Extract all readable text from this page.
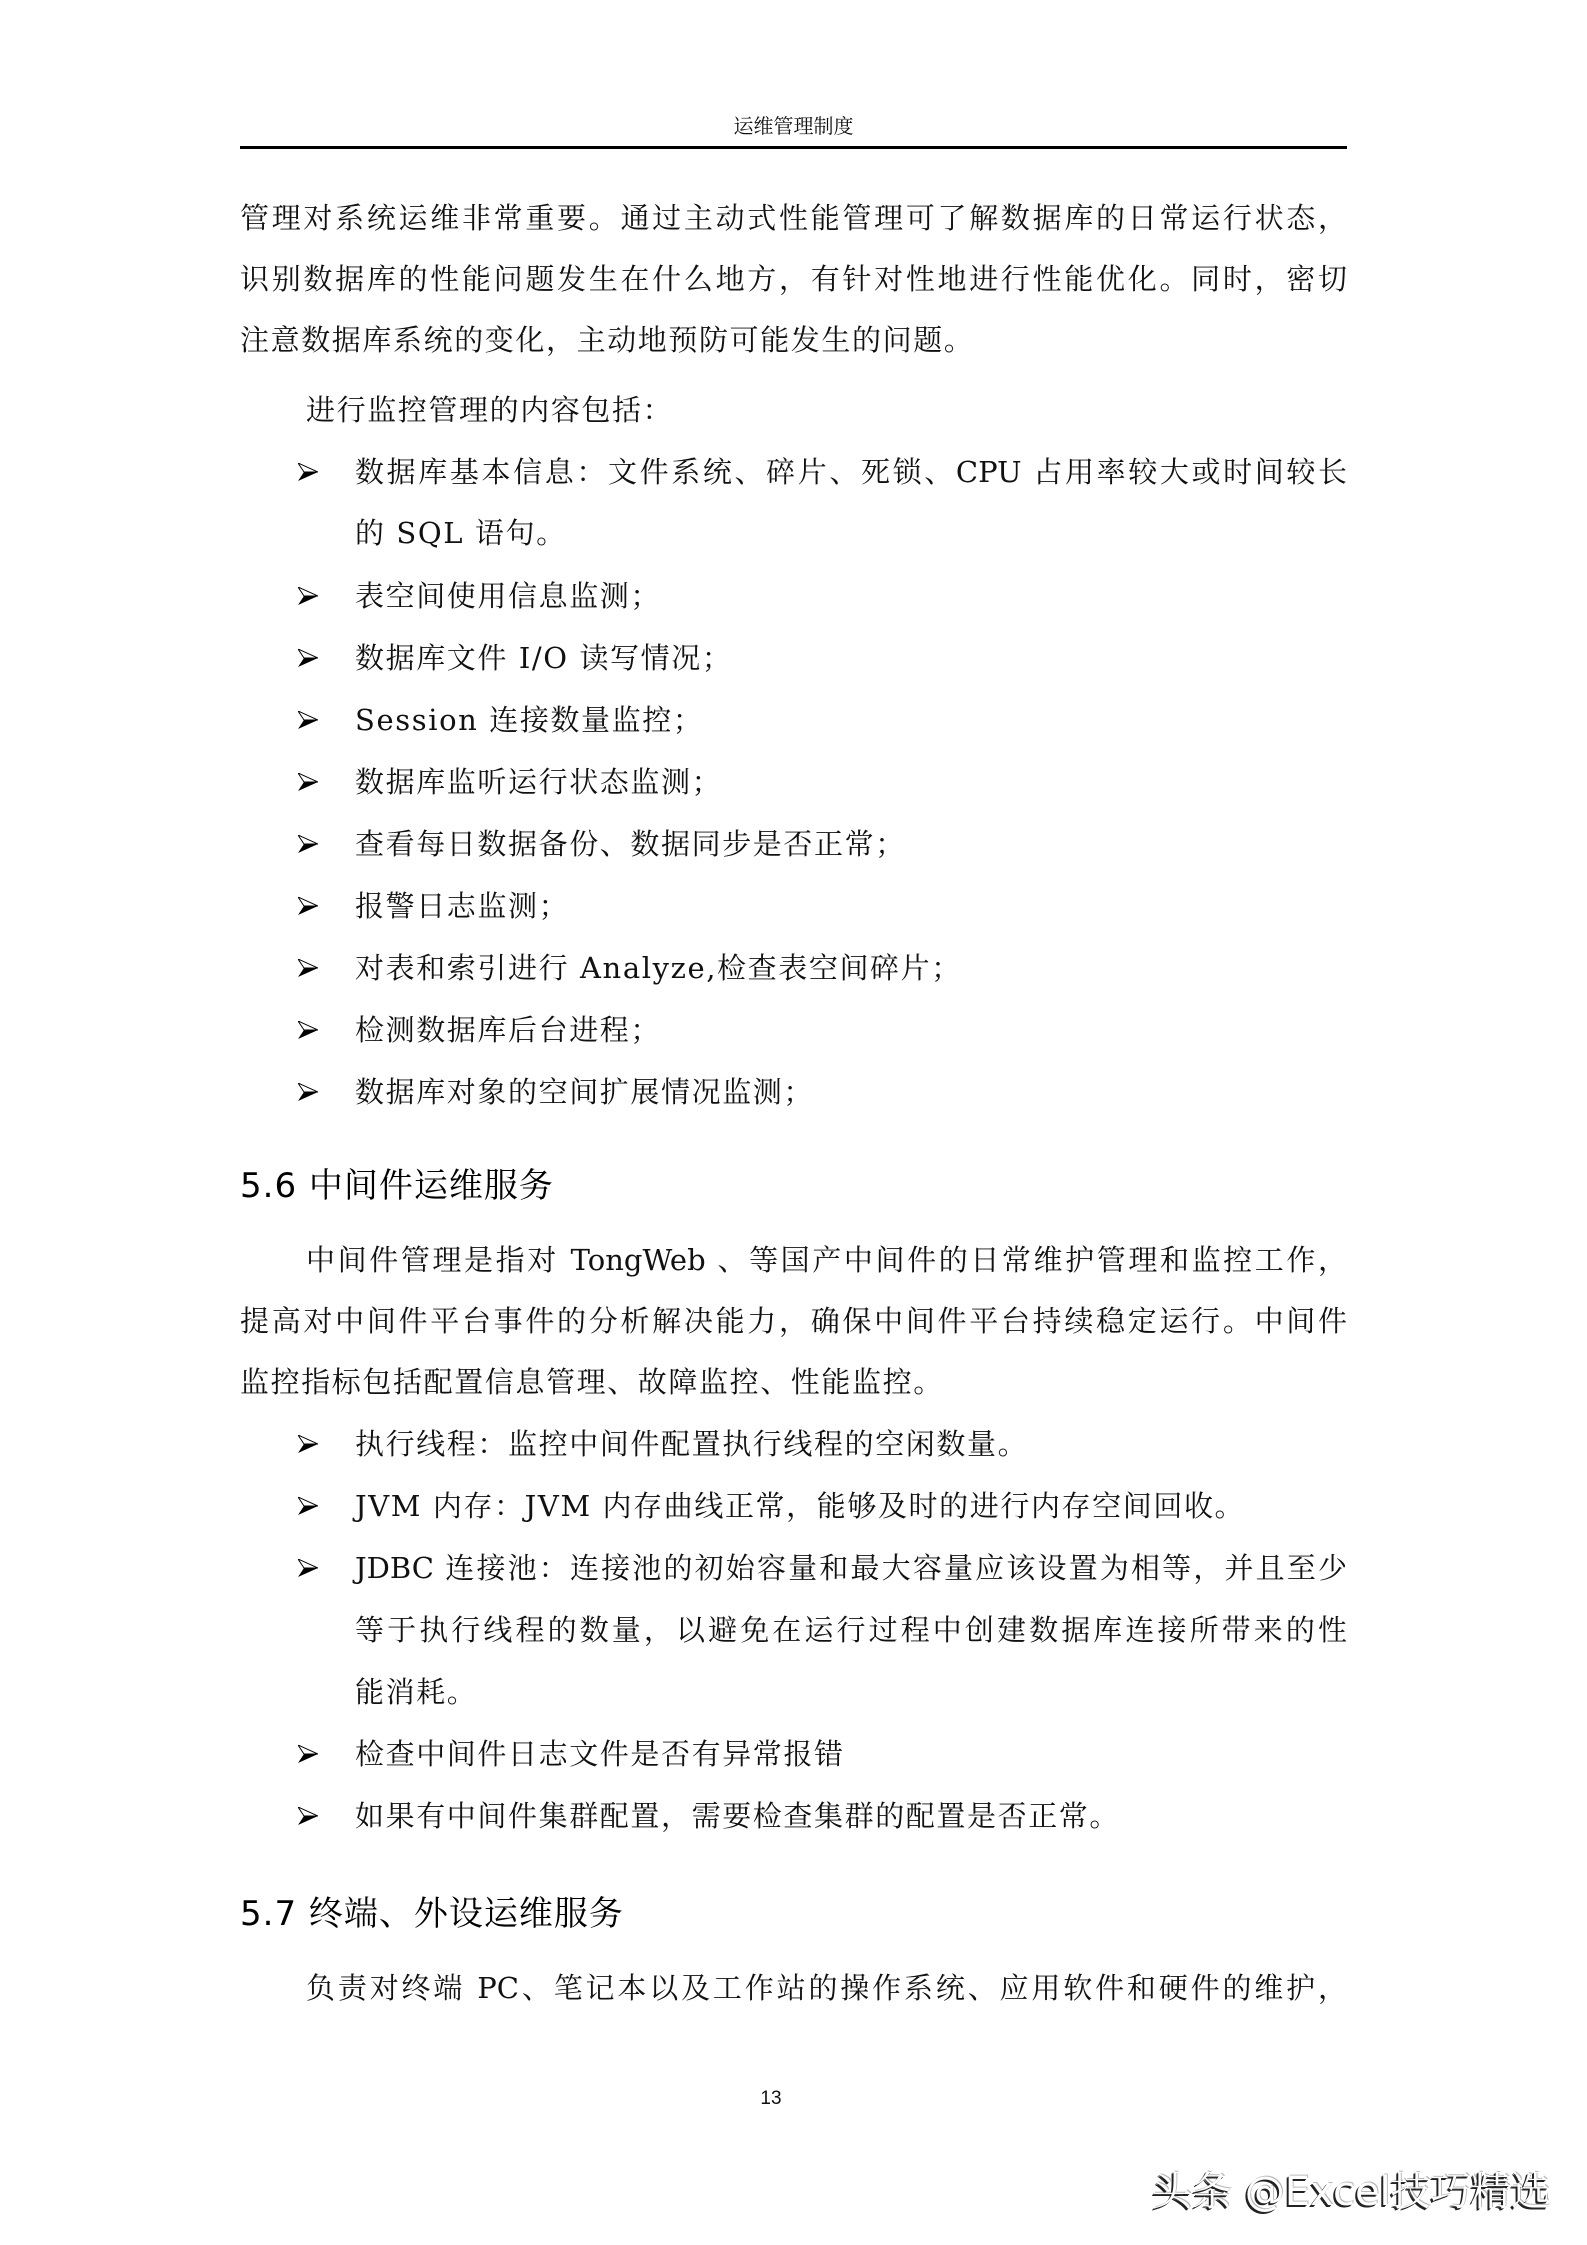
运维管理制度
管理对系统运维非常重要。通过主动式性能管理可了解数据库的日常运行状态，
识别数据库的性能问题发生在什么地方，有针对性地进行性能优化。同时，密切
注意数据库系统的变化，主动地预防可能发生的问题。
进行监控管理的内容包括：
数据库基本信息：文件系统、碎片、死锁、CPU 占用率较大或时间较长
的 SQL 语句。
表空间使用信息监测；
数据库文件 I/O 读写情况；
Session 连接数量监控；
数据库监听运行状态监测；
查看每日数据备份、数据同步是否正常；
报警日志监测；
对表和索引进行 Analyze,检查表空间碎片；
检测数据库后台进程；
数据库对象的空间扩展情况监测；
5.6 中间件运维服务
中间件管理是指对 TongWeb 、等国产中间件的日常维护管理和监控工作，
提高对中间件平台事件的分析解决能力，确保中间件平台持续稳定运行。中间件
监控指标包括配置信息管理、故障监控、性能监控。
执行线程：监控中间件配置执行线程的空闲数量。
JVM 内存：JVM 内存曲线正常，能够及时的进行内存空间回收。
JDBC 连接池：连接池的初始容量和最大容量应该设置为相等，并且至少
等于执行线程的数量，以避免在运行过程中创建数据库连接所带来的性
能消耗。
检查中间件日志文件是否有异常报错
如果有中间件集群配置，需要检查集群的配置是否正常。
5.7 终端、外设运维服务
负责对终端 PC、笔记本以及工作站的操作系统、应用软件和硬件的维护，
13
头条 @Excel技巧精选
